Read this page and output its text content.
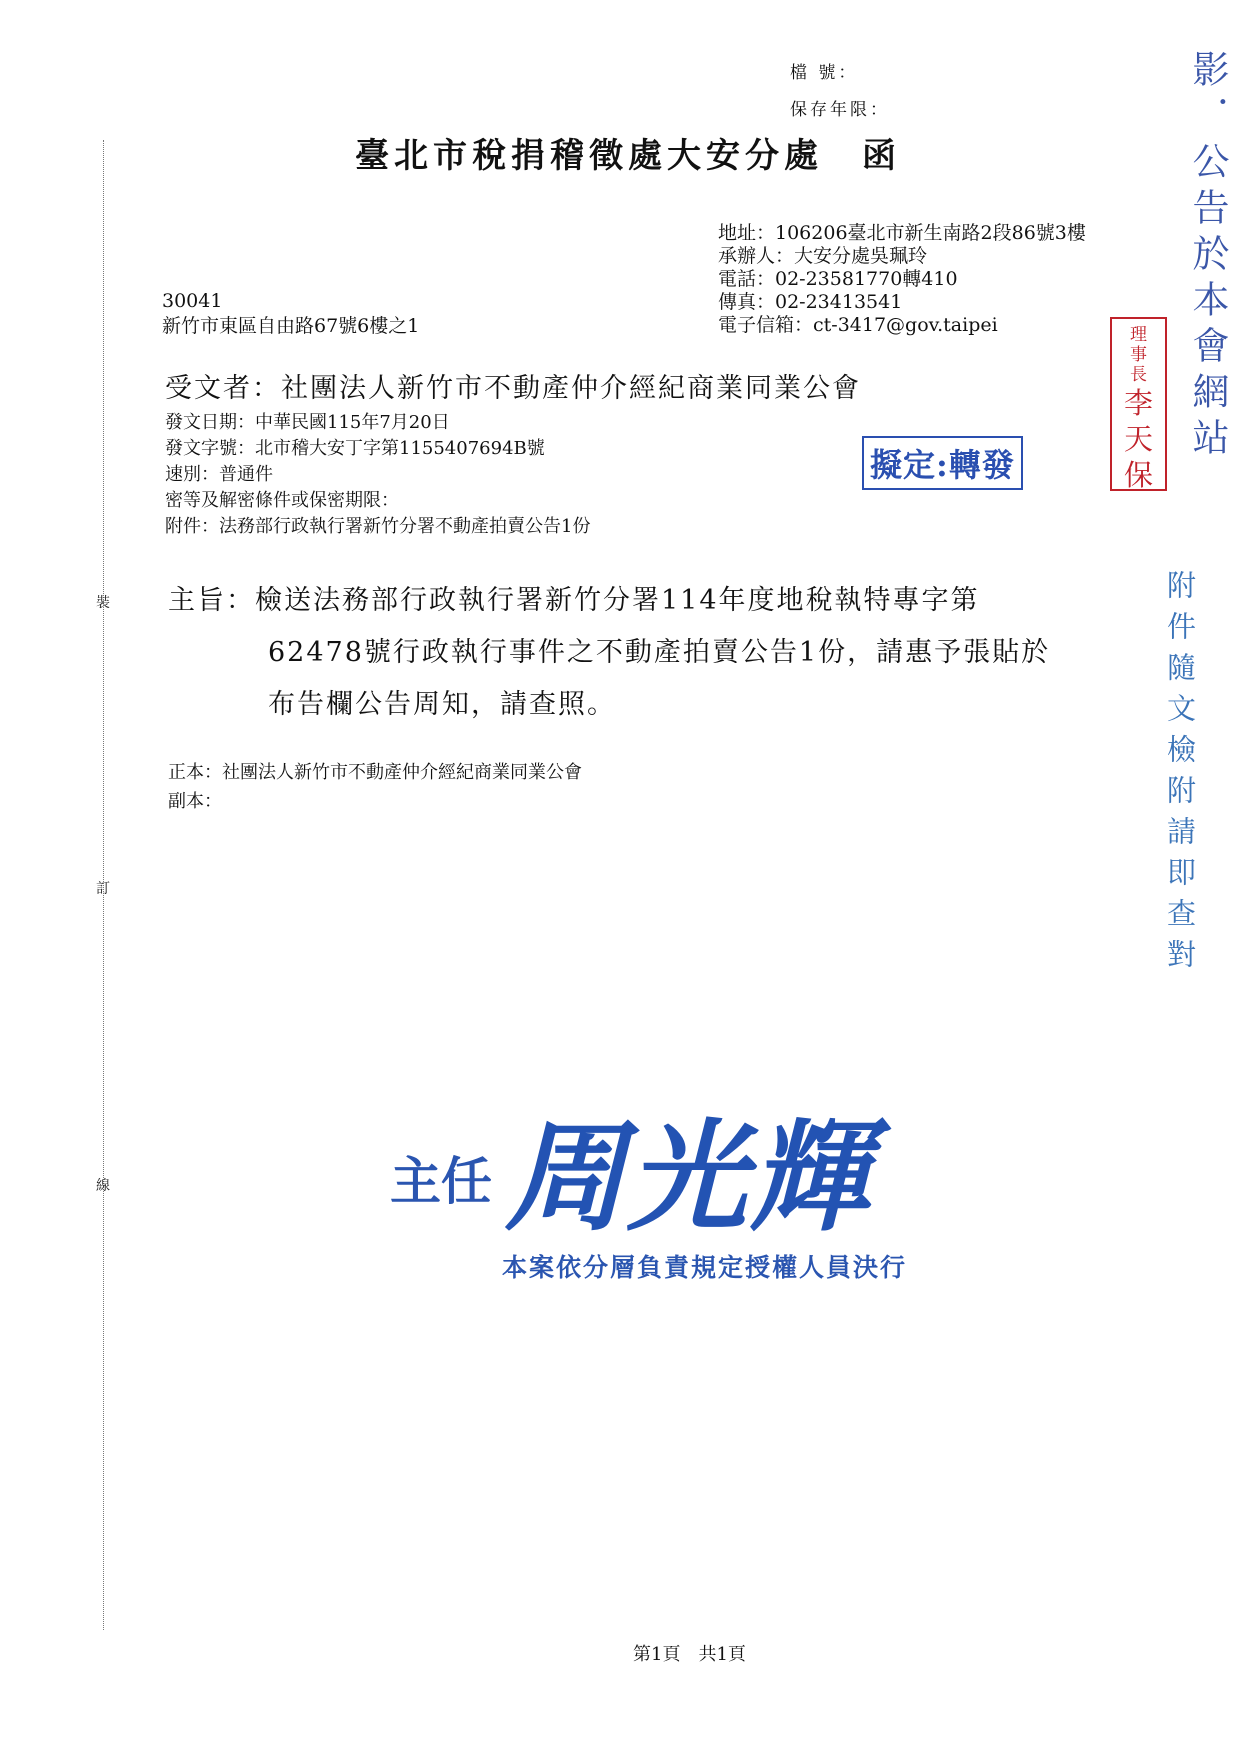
裝
訂
線
檔 號：
保存年限：
臺北市稅捐稽徵處大安分處　函
地址：106206臺北市新生南路2段86號3樓
承辦人：大安分處吳珮玲
電話：02-23581770轉410
傳真：02-23413541
電子信箱：ct-3417@gov.taipei
30041
新竹市東區自由路67號6樓之1
受文者：社團法人新竹市不動產仲介經紀商業同業公會
發文日期：中華民國115年7月20日
發文字號：北市稽大安丁字第1155407694B號
速別：普通件
密等及解密條件或保密期限：
附件：法務部行政執行署新竹分署不動產拍賣公告1份
擬定:轉發
理事長
李天保
影．公告於本會網站
附件隨文檢附請即查對
主旨：檢送法務部行政執行署新竹分署114年度地稅執特專字第
62478號行政執行事件之不動產拍賣公告1份，請惠予張貼於
布告欄公告周知，請查照。
正本：社團法人新竹市不動產仲介經紀商業同業公會
副本：
主任 周光輝
本案依分層負責規定授權人員決行
第1頁　共1頁
